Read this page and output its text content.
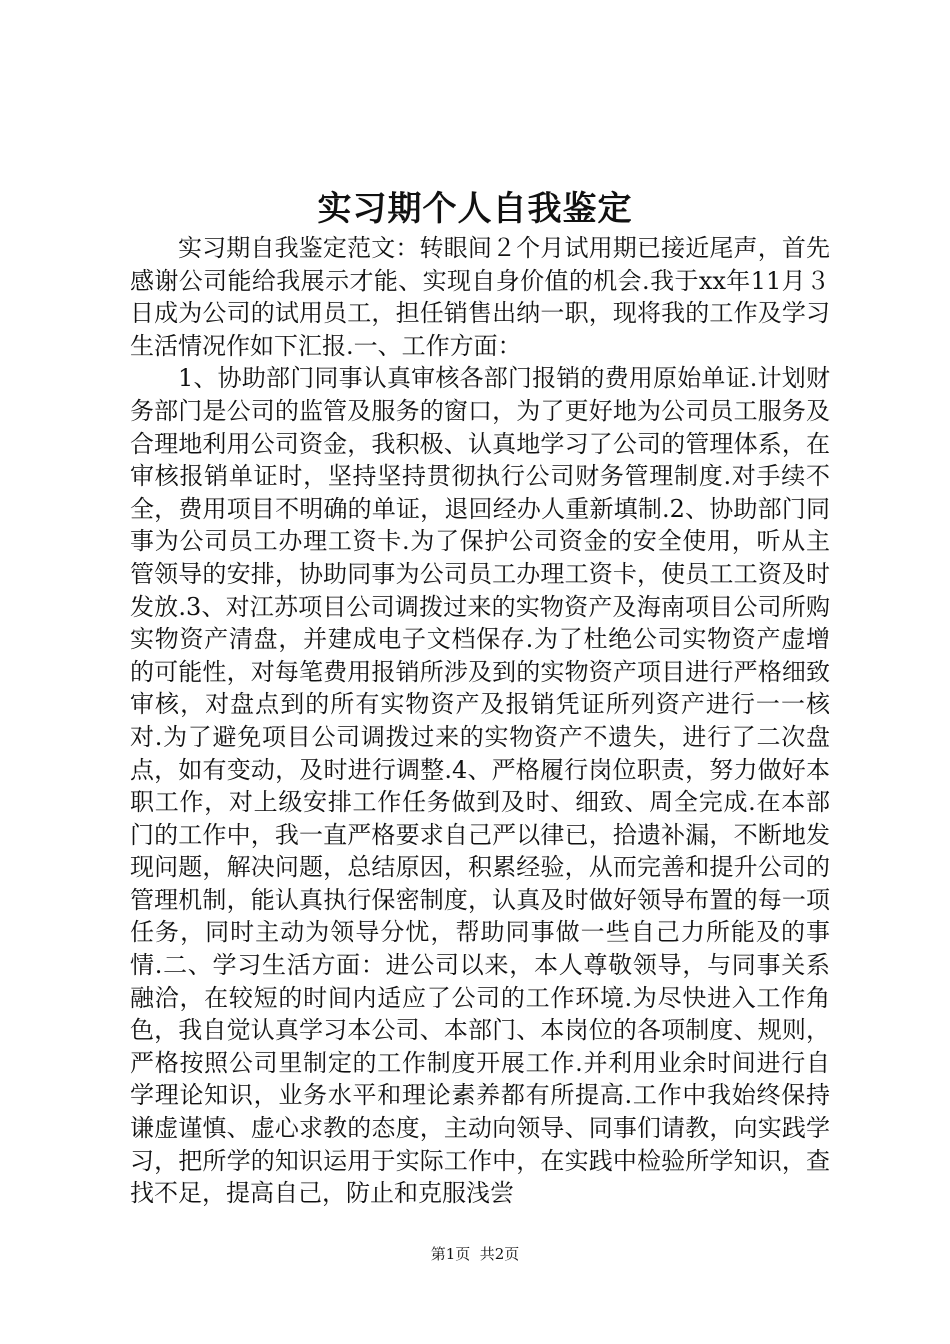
实习期个人自我鉴定

实习期自我鉴定范文：转眼间２个月试用期已接近尾声，首先感谢公司能给我展示才能、实现自身价值的机会.我于xx年11月３日成为公司的试用员工，担任销售出纳一职，现将我的工作及学习生活情况作如下汇报.一、工作方面：

1、协助部门同事认真审核各部门报销的费用原始单证.计划财务部门是公司的监管及服务的窗口，为了更好地为公司员工服务及合理地利用公司资金，我积极、认真地学习了公司的管理体系，在审核报销单证时，坚持坚持贯彻执行公司财务管理制度.对手续不全，费用项目不明确的单证，退回经办人重新填制.2、协助部门同事为公司员工办理工资卡.为了保护公司资金的安全使用，听从主管领导的安排，协助同事为公司员工办理工资卡，使员工工资及时发放.3、对江苏项目公司调拨过来的实物资产及海南项目公司所购实物资产清盘，并建成电子文档保存.为了杜绝公司实物资产虚增的可能性，对每笔费用报销所涉及到的实物资产项目进行严格细致审核，对盘点到的所有实物资产及报销凭证所列资产进行一一核对.为了避免项目公司调拨过来的实物资产不遗失，进行了二次盘点，如有变动，及时进行调整.4、严格履行岗位职责，努力做好本职工作，对上级安排工作任务做到及时、细致、周全完成.在本部门的工作中，我一直严格要求自己严以律已，拾遗补漏，不断地发现问题，解决问题，总结原因，积累经验，从而完善和提升公司的管理机制，能认真执行保密制度，认真及时做好领导布置的每一项任务，同时主动为领导分忧，帮助同事做一些自己力所能及的事情.二、学习生活方面：进公司以来，本人尊敬领导，与同事关系融洽，在较短的时间内适应了公司的工作环境.为尽快进入工作角色，我自觉认真学习本公司、本部门、本岗位的各项制度、规则，严格按照公司里制定的工作制度开展工作.并利用业余时间进行自学理论知识，业务水平和理论素养都有所提高.工作中我始终保持谦虚谨慎、虚心求教的态度，主动向领导、同事们请教，向实践学习，把所学的知识运用于实际工作中，在实践中检验所学知识，查找不足，提高自己，防止和克服浅尝

第1页  共2页
